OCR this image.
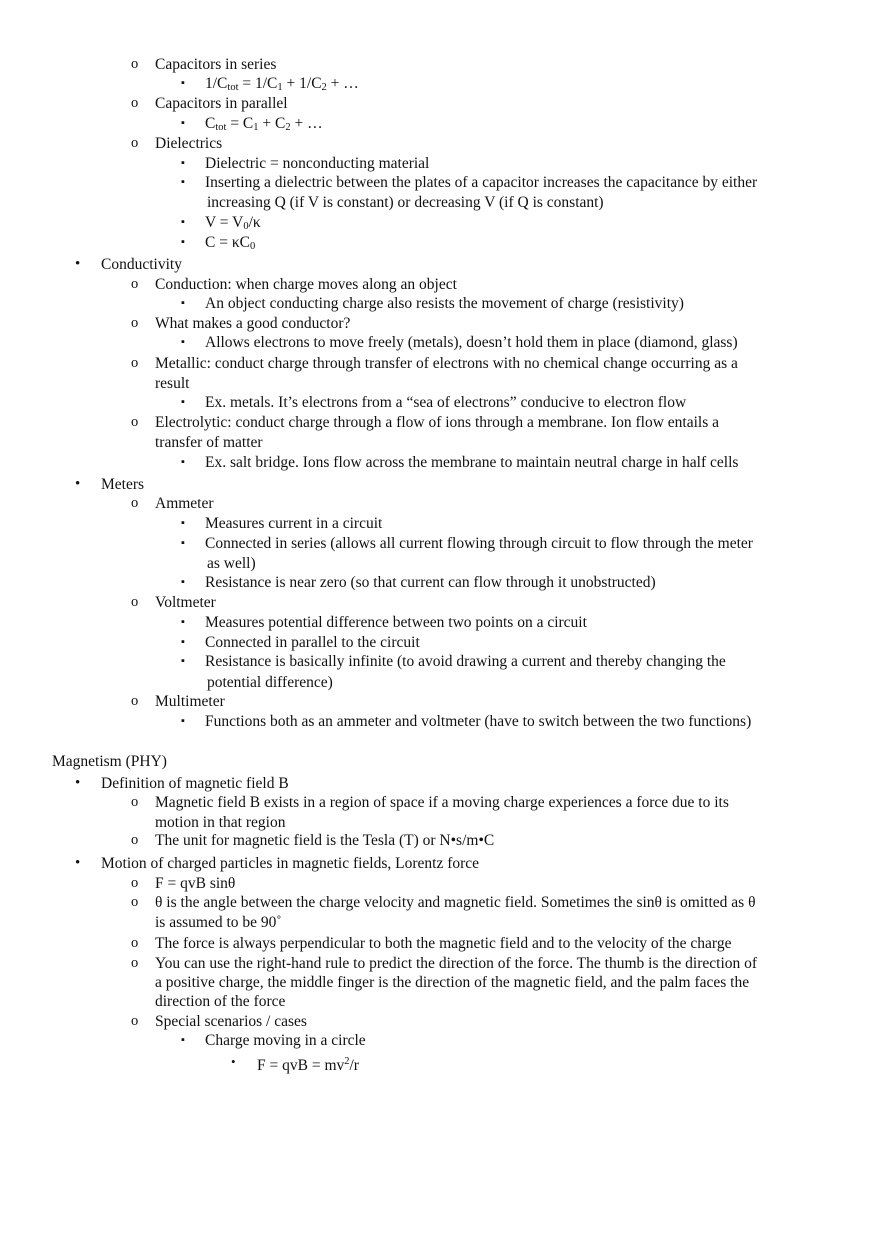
o Capacitors in series
▪ $1/C_{tot} = 1/C_1 + 1/C_2$ + …
o Capacitors in parallel
▪ $C_{tot} = C_1 + C_2$ + …
o Dielectrics
▪ Dielectric = nonconducting material
▪ Inserting a dielectric between the plates of a capacitor increases the capacitance by either
increasing Q (if V is constant) or decreasing V (if Q is constant)
▪ $V = V_0/\kappa$
▪ $C = \kappa C_0$
• Conductivity
o Conduction: when charge moves along an object
▪ An object conducting charge also resists the movement of charge (resistivity)
o What makes a good conductor?
▪ Allows electrons to move freely (metals), doesn’t hold them in place (diamond, glass)
o Metallic: conduct charge through transfer of electrons with no chemical change occurring as a
result
▪ Ex. metals. It’s electrons from a “sea of electrons” conducive to electron flow
o Electrolytic: conduct charge through a flow of ions through a membrane. Ion flow entails a
transfer of matter
▪ Ex. salt bridge. Ions flow across the membrane to maintain neutral charge in half cells
• Meters
o Ammeter
▪ Measures current in a circuit
▪ Connected in series (allows all current flowing through circuit to flow through the meter
as well)
▪ Resistance is near zero (so that current can flow through it unobstructed)
o Voltmeter
▪ Measures potential difference between two points on a circuit
▪ Connected in parallel to the circuit
▪ Resistance is basically infinite (to avoid drawing a current and thereby changing the
potential difference)
o Multimeter
▪ Functions both as an ammeter and voltmeter (have to switch between the two functions)
Magnetism (PHY)
• Definition of magnetic field B
o Magnetic field B exists in a region of space if a moving charge experiences a force due to its
motion in that region
o The unit for magnetic field is the Tesla (T) or N•s/m•C
• Motion of charged particles in magnetic fields, Lorentz force
o F = qvB sinθ
o θ is the angle between the charge velocity and magnetic field. Sometimes the sinθ is omitted as θ
is assumed to be 90˚
o The force is always perpendicular to both the magnetic field and to the velocity of the charge
o You can use the right-hand rule to predict the direction of the force. The thumb is the direction of
a positive charge, the middle finger is the direction of the magnetic field, and the palm faces the
direction of the force
o Special scenarios / cases
▪ Charge moving in a circle
• F = qvB = $mv^2/r$
